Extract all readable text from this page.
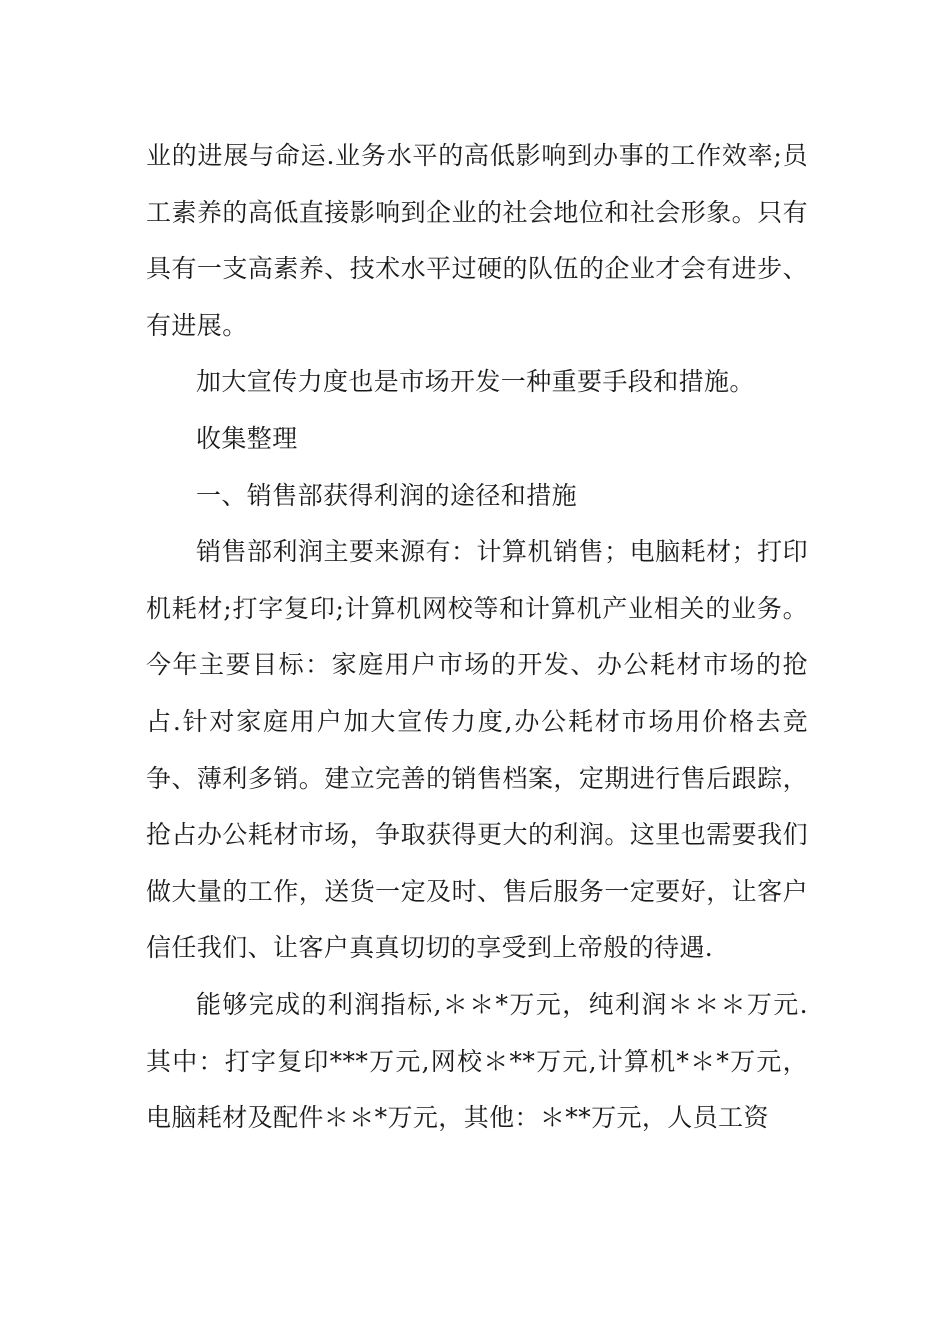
业的进展与命运.业务水平的高低影响到办事的工作效率;员工素养的高低直接影响到企业的社会地位和社会形象。只有具有一支高素养、技术水平过硬的队伍的企业才会有进步、有进展。

加大宣传力度也是市场开发一种重要手段和措施。

收集整理

一、销售部获得利润的途径和措施

销售部利润主要来源有：计算机销售；电脑耗材；打印机耗材;打字复印;计算机网校等和计算机产业相关的业务。今年主要目标：家庭用户市场的开发、办公耗材市场的抢占.针对家庭用户加大宣传力度,办公耗材市场用价格去竞争、薄利多销。建立完善的销售档案，定期进行售后跟踪，抢占办公耗材市场，争取获得更大的利润。这里也需要我们做大量的工作，送货一定及时、售后服务一定要好，让客户信任我们、让客户真真切切的享受到上帝般的待遇.

能够完成的利润指标,＊＊*万元，纯利润＊＊＊万元.其中：打字复印***万元,网校＊**万元,计算机*＊*万元，电脑耗材及配件＊＊*万元，其他：＊**万元，人员工资
